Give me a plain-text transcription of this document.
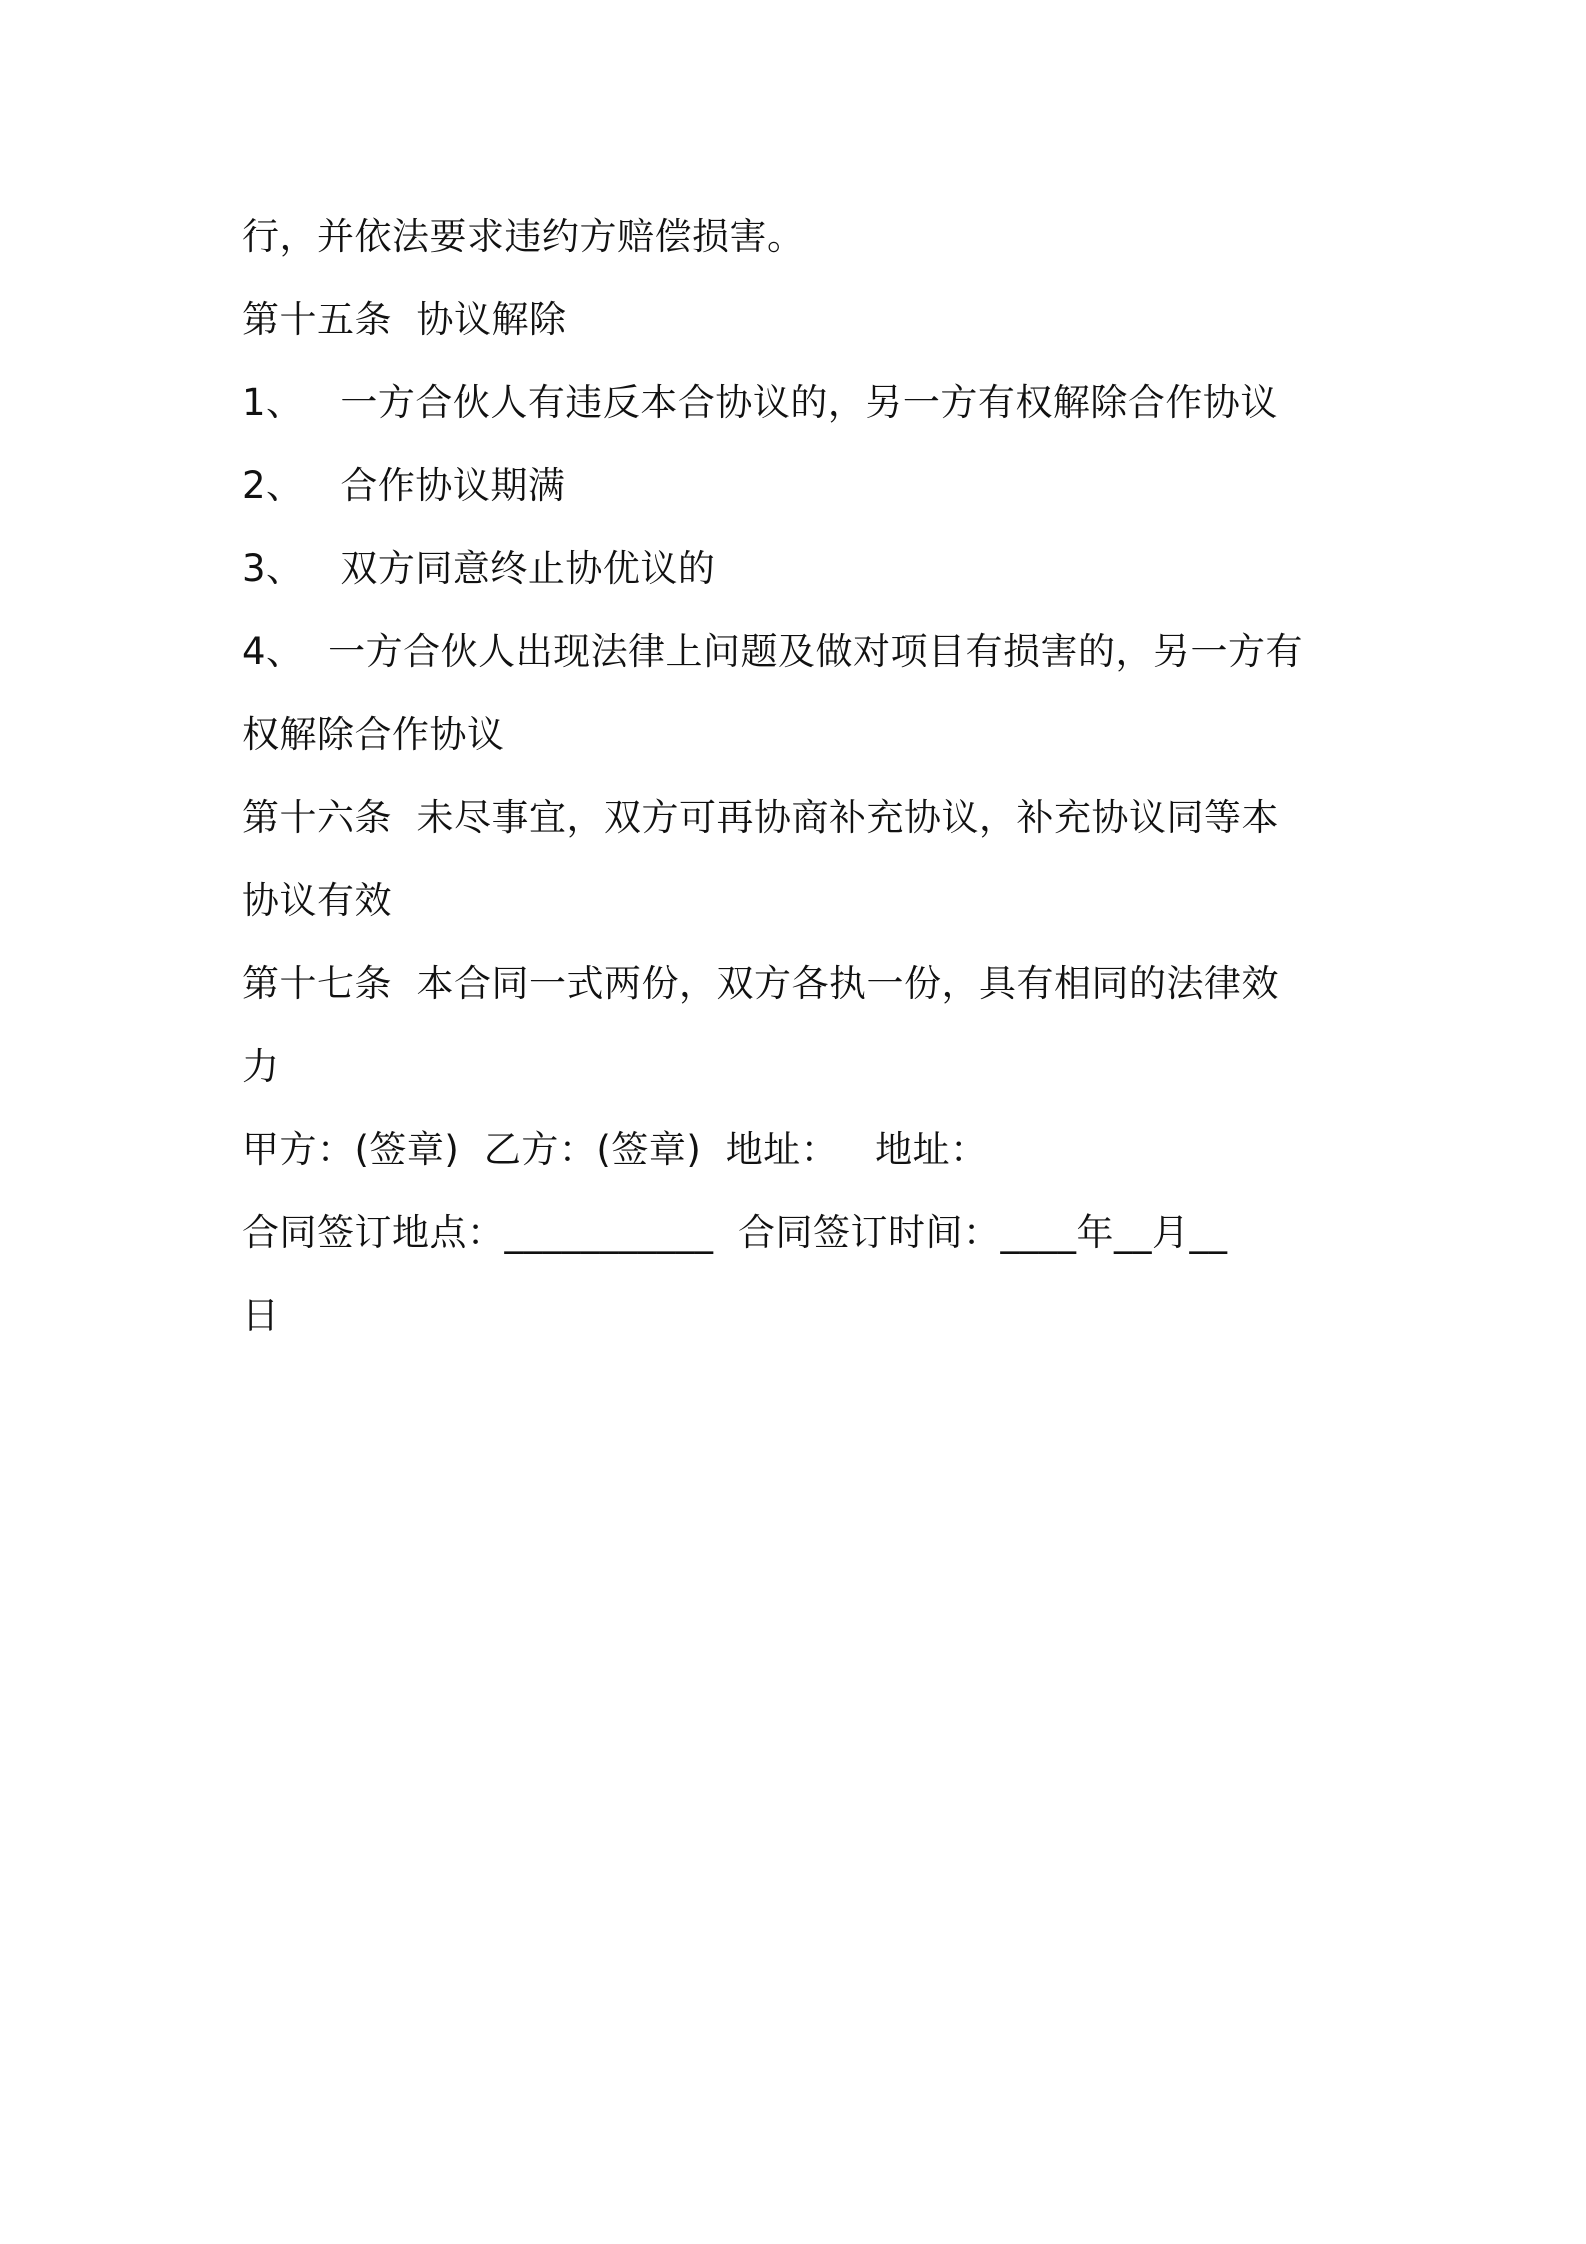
行，并依法要求违约方赔偿损害。
第十五条  协议解除
1、   一方合伙人有违反本合协议的，另一方有权解除合作协议
2、   合作协议期满
3、   双方同意终止协优议的
4、  一方合伙人出现法律上问题及做对项目有损害的，另一方有
权解除合作协议
第十六条  未尽事宜，双方可再协商补充协议，补充协议同等本
协议有效
第十七条  本合同一式两份，双方各执一份，具有相同的法律效
力
甲方：(签章)  乙方：(签章)  地址：   地址：
合同签订地点：___________  合同签订时间：____年__月__
日
